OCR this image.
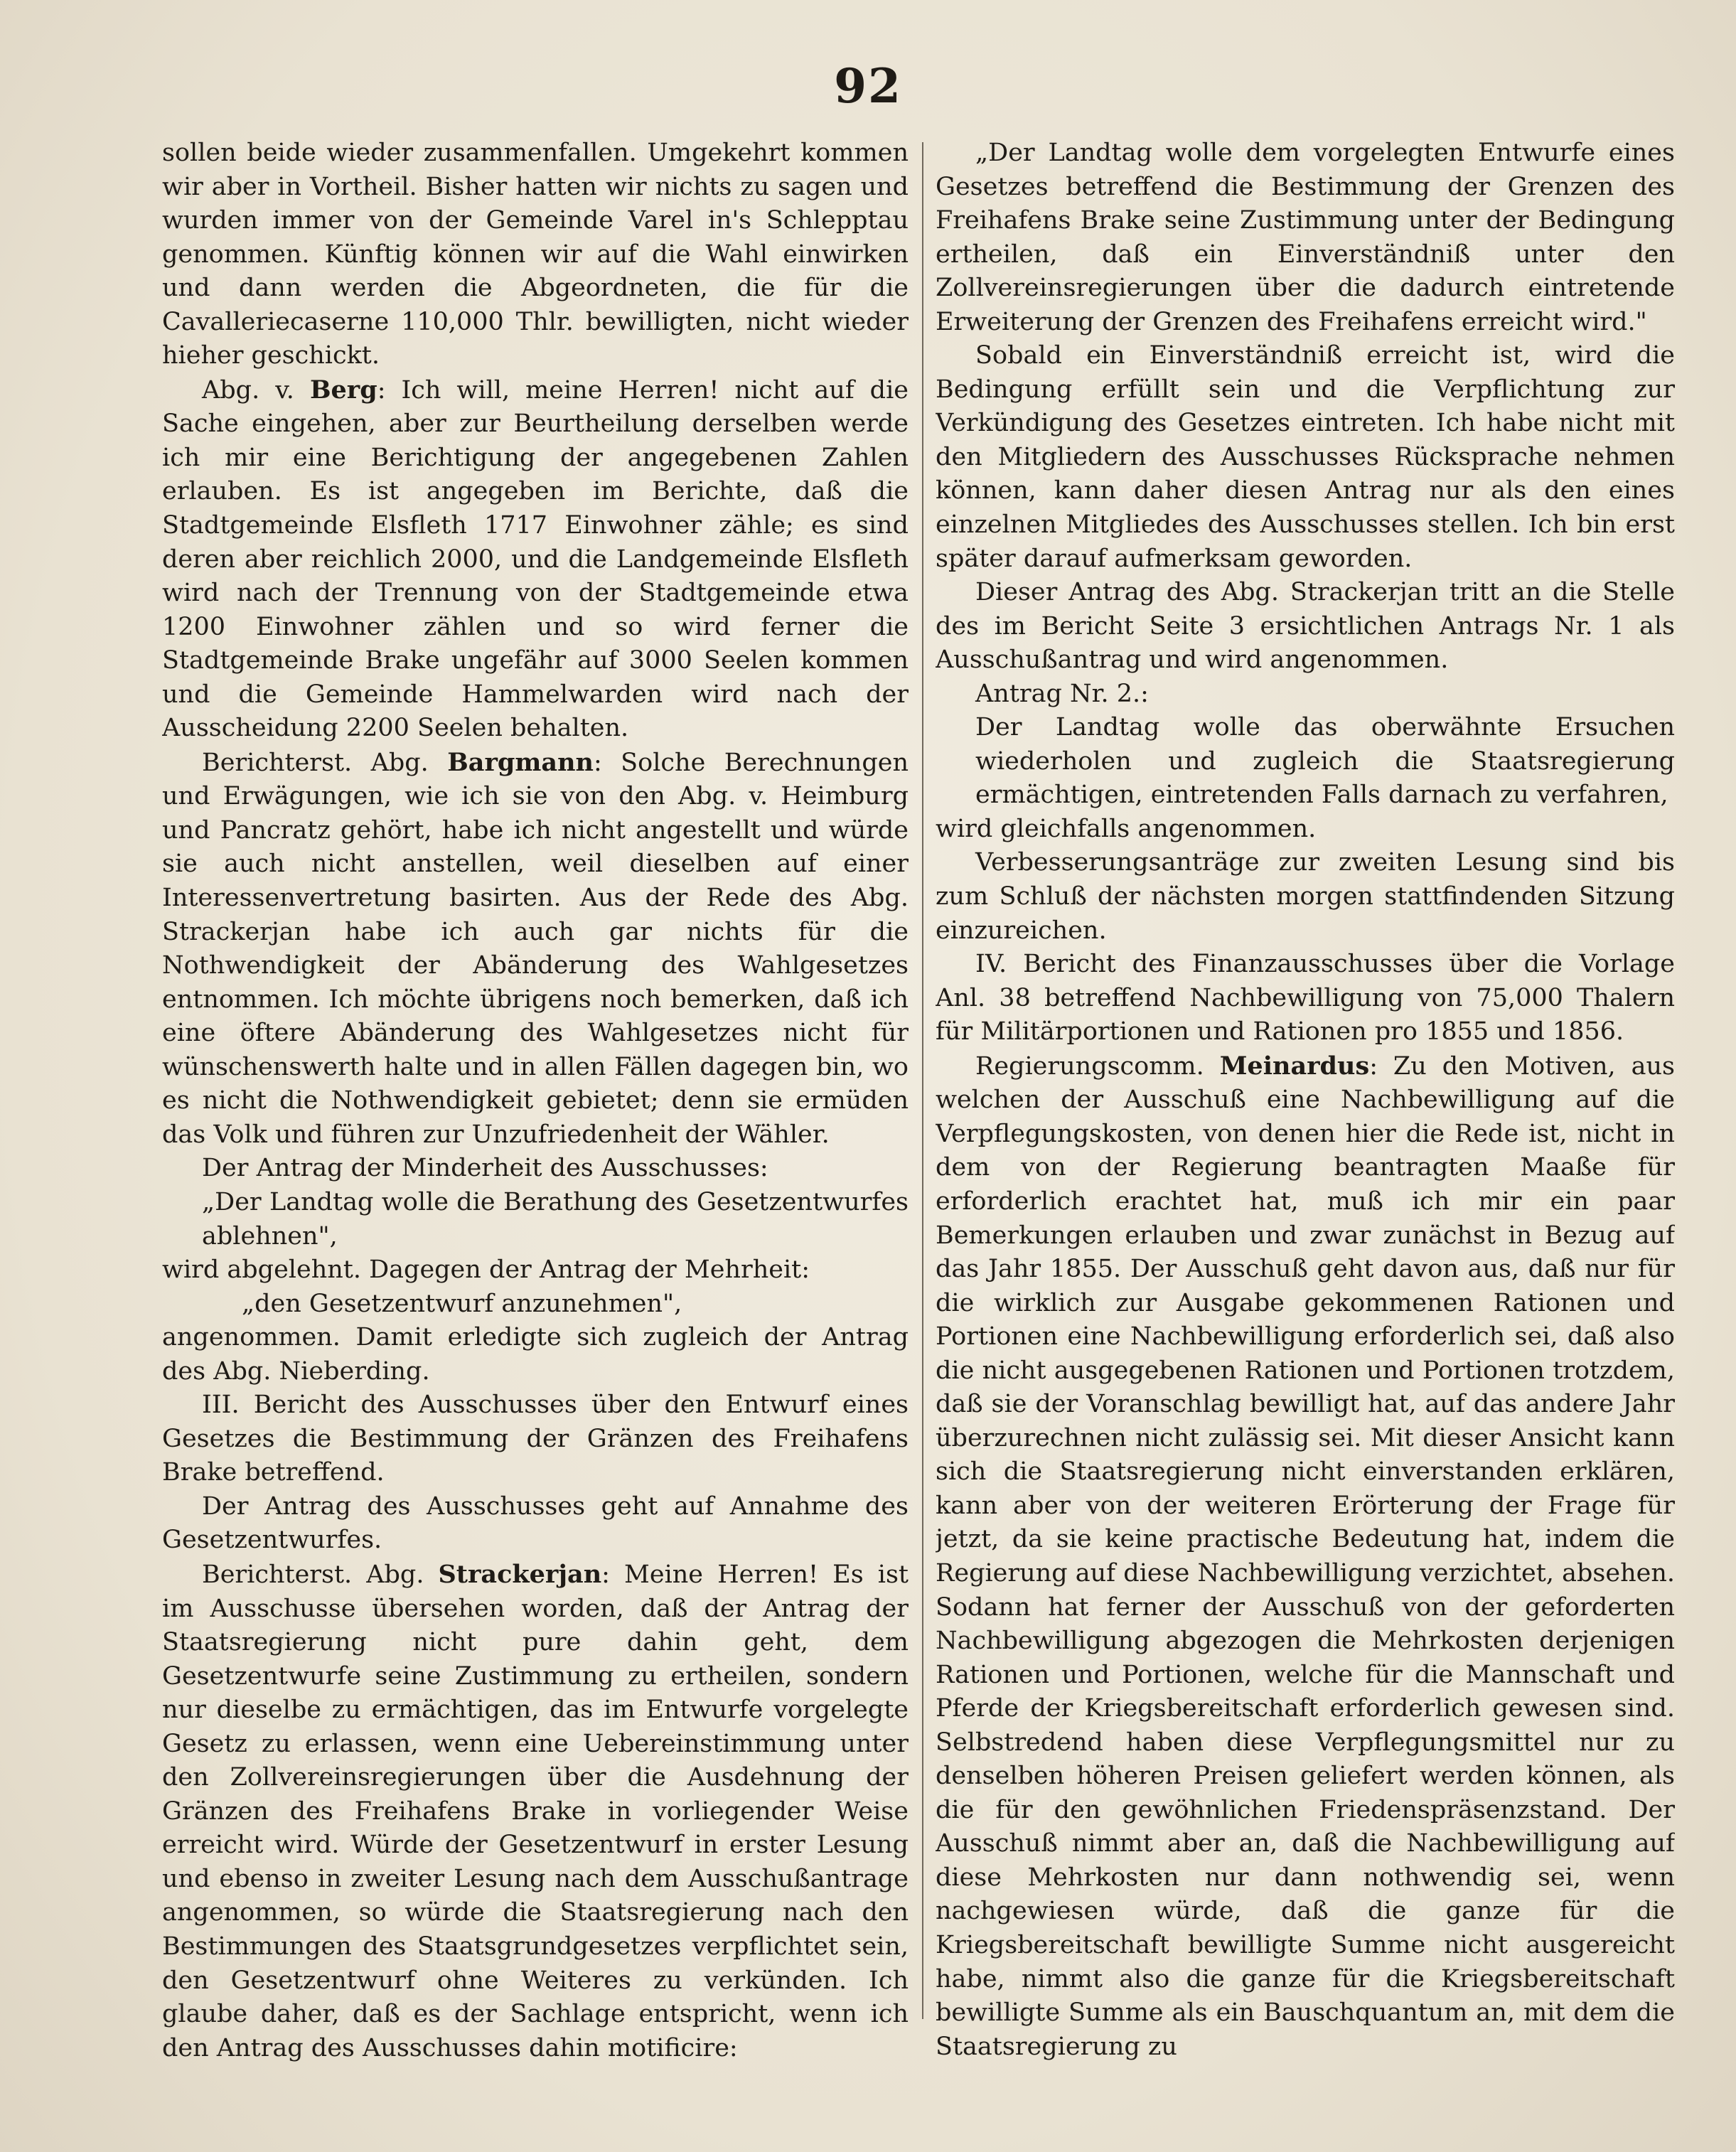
92

sollen beide wieder zusammenfallen. Umgekehrt kommen wir aber in Vortheil. Bisher hatten wir nichts zu sagen und wurden immer von der Gemeinde Varel in's Schlepptau genommen. Künftig können wir auf die Wahl einwirken und dann werden die Abgeordneten, die für die Cavalleriecaserne 110,000 Thlr. bewilligten, nicht wieder hieher geschickt.

Abg. v. Berg: Ich will, meine Herren! nicht auf die Sache eingehen, aber zur Beurtheilung derselben werde ich mir eine Berichtigung der angegebenen Zahlen erlauben. Es ist angegeben im Berichte, daß die Stadtgemeinde Elsfleth 1717 Einwohner zähle; es sind deren aber reichlich 2000, und die Landgemeinde Elsfleth wird nach der Trennung von der Stadtgemeinde etwa 1200 Einwohner zählen und so wird ferner die Stadtgemeinde Brake ungefähr auf 3000 Seelen kommen und die Gemeinde Hammelwarden wird nach der Ausscheidung 2200 Seelen behalten.

Berichterst. Abg. Bargmann: Solche Berechnungen und Erwägungen, wie ich sie von den Abg. v. Heimburg und Pancratz gehört, habe ich nicht angestellt und würde sie auch nicht anstellen, weil dieselben auf einer Interessenvertretung basirten. Aus der Rede des Abg. Strackerjan habe ich auch gar nichts für die Nothwendigkeit der Abänderung des Wahlgesetzes entnommen. Ich möchte übrigens noch bemerken, daß ich eine öftere Abänderung des Wahlgesetzes nicht für wünschenswerth halte und in allen Fällen dagegen bin, wo es nicht die Nothwendigkeit gebietet; denn sie ermüden das Volk und führen zur Unzufriedenheit der Wähler.

Der Antrag der Minderheit des Ausschusses:

„Der Landtag wolle die Berathung des Gesetzentwurfes ablehnen",

wird abgelehnt. Dagegen der Antrag der Mehrheit:

„den Gesetzentwurf anzunehmen",

angenommen. Damit erledigte sich zugleich der Antrag des Abg. Nieberding.

III. Bericht des Ausschusses über den Entwurf eines Gesetzes die Bestimmung der Gränzen des Freihafens Brake betreffend.

Der Antrag des Ausschusses geht auf Annahme des Gesetzentwurfes.

Berichterst. Abg. Strackerjan: Meine Herren! Es ist im Ausschusse übersehen worden, daß der Antrag der Staatsregierung nicht pure dahin geht, dem Gesetzentwurfe seine Zustimmung zu ertheilen, sondern nur dieselbe zu ermächtigen, das im Entwurfe vorgelegte Gesetz zu erlassen, wenn eine Uebereinstimmung unter den Zollvereinsregierungen über die Ausdehnung der Gränzen des Freihafens Brake in vorliegender Weise erreicht wird. Würde der Gesetzentwurf in erster Lesung und ebenso in zweiter Lesung nach dem Ausschußantrage angenommen, so würde die Staatsregierung nach den Bestimmungen des Staatsgrundgesetzes verpflichtet sein, den Gesetzentwurf ohne Weiteres zu verkünden. Ich glaube daher, daß es der Sachlage entspricht, wenn ich den Antrag des Ausschusses dahin motificire:

„Der Landtag wolle dem vorgelegten Entwurfe eines Gesetzes betreffend die Bestimmung der Grenzen des Freihafens Brake seine Zustimmung unter der Bedingung ertheilen, daß ein Einverständniß unter den Zollvereinsregierungen über die dadurch eintretende Erweiterung der Grenzen des Freihafens erreicht wird."

Sobald ein Einverständniß erreicht ist, wird die Bedingung erfüllt sein und die Verpflichtung zur Verkündigung des Gesetzes eintreten. Ich habe nicht mit den Mitgliedern des Ausschusses Rücksprache nehmen können, kann daher diesen Antrag nur als den eines einzelnen Mitgliedes des Ausschusses stellen. Ich bin erst später darauf aufmerksam geworden.

Dieser Antrag des Abg. Strackerjan tritt an die Stelle des im Bericht Seite 3 ersichtlichen Antrags Nr. 1 als Ausschußantrag und wird angenommen.

Antrag Nr. 2.:

Der Landtag wolle das oberwähnte Ersuchen wiederholen und zugleich die Staatsregierung ermächtigen, eintretenden Falls darnach zu verfahren,

wird gleichfalls angenommen.

Verbesserungsanträge zur zweiten Lesung sind bis zum Schluß der nächsten morgen stattfindenden Sitzung einzureichen.

IV. Bericht des Finanzausschusses über die Vorlage Anl. 38 betreffend Nachbewilligung von 75,000 Thalern für Militärportionen und Rationen pro 1855 und 1856.

Regierungscomm. Meinardus: Zu den Motiven, aus welchen der Ausschuß eine Nachbewilligung auf die Verpflegungskosten, von denen hier die Rede ist, nicht in dem von der Regierung beantragten Maaße für erforderlich erachtet hat, muß ich mir ein paar Bemerkungen erlauben und zwar zunächst in Bezug auf das Jahr 1855. Der Ausschuß geht davon aus, daß nur für die wirklich zur Ausgabe gekommenen Rationen und Portionen eine Nachbewilligung erforderlich sei, daß also die nicht ausgegebenen Rationen und Portionen trotzdem, daß sie der Voranschlag bewilligt hat, auf das andere Jahr überzurechnen nicht zulässig sei. Mit dieser Ansicht kann sich die Staatsregierung nicht einverstanden erklären, kann aber von der weiteren Erörterung der Frage für jetzt, da sie keine practische Bedeutung hat, indem die Regierung auf diese Nachbewilligung verzichtet, absehen. Sodann hat ferner der Ausschuß von der geforderten Nachbewilligung abgezogen die Mehrkosten derjenigen Rationen und Portionen, welche für die Mannschaft und Pferde der Kriegsbereitschaft erforderlich gewesen sind. Selbstredend haben diese Verpflegungsmittel nur zu denselben höheren Preisen geliefert werden können, als die für den gewöhnlichen Friedenspräsenzstand. Der Ausschuß nimmt aber an, daß die Nachbewilligung auf diese Mehrkosten nur dann nothwendig sei, wenn nachgewiesen würde, daß die ganze für die Kriegsbereitschaft bewilligte Summe nicht ausgereicht habe, nimmt also die ganze für die Kriegsbereitschaft bewilligte Summe als ein Bauschquantum an, mit dem die Staatsregierung zu
